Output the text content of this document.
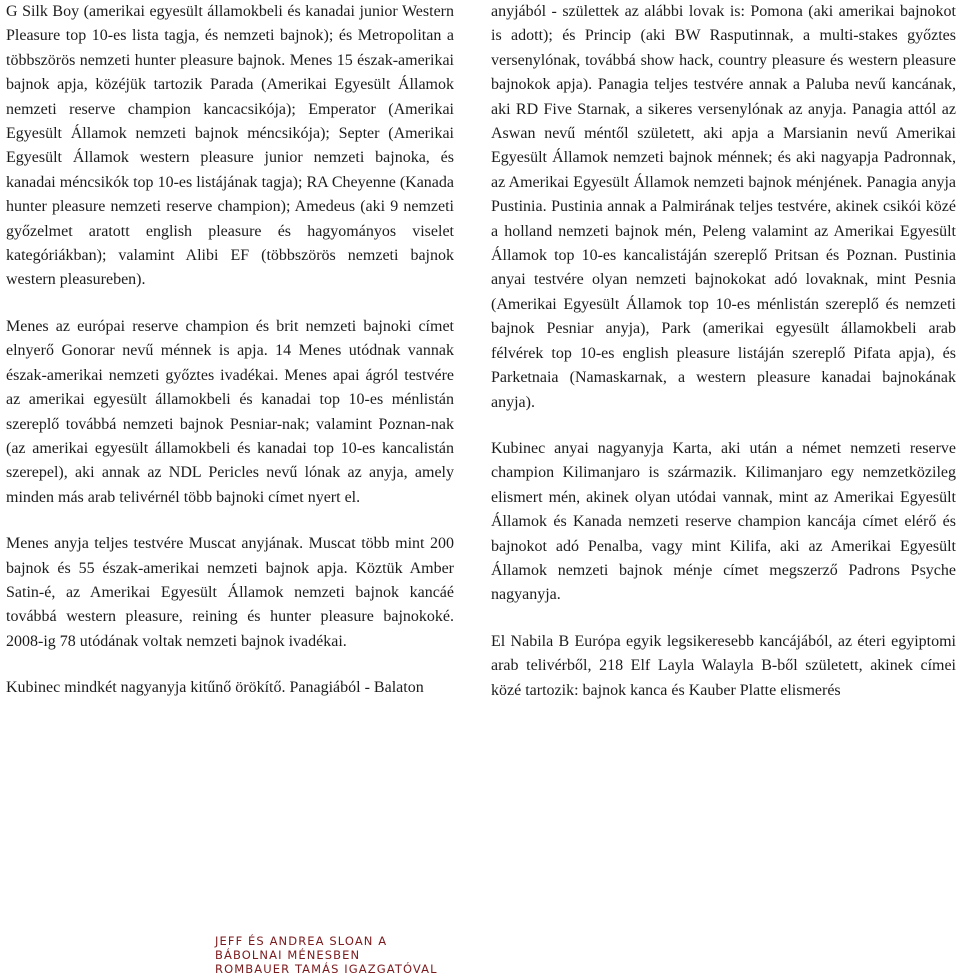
G Silk Boy (amerikai egyesült államokbeli és kanadai junior Western Pleasure top 10-es lista tagja, és nemzeti bajnok); és Metropolitan a többszörös nemzeti hunter pleasure bajnok. Menes 15 észak-amerikai bajnok apja, közéjük tartozik Parada (Amerikai Egyesült Államok nemzeti reserve champion kancacsikója); Emperator (Amerikai Egyesült Államok nemzeti bajnok méncsikója); Septer (Amerikai Egyesült Államok western pleasure junior nemzeti bajnoka, és kanadai méncsikók top 10-es listájának tagja); RA Cheyenne (Kanada hunter pleasure nemzeti reserve champion); Amedeus (aki 9 nemzeti győzelmet aratott english pleasure és hagyományos viselet kategóriákban); valamint Alibi EF (többszörös nemzeti bajnok western pleasureben).

Menes az európai reserve champion és brit nemzeti bajnoki címet elnyerő Gonorar nevű ménnek is apja. 14 Menes utódnak vannak észak-amerikai nemzeti győztes ivadékai. Menes apai ágról testvére az amerikai egyesült államokbeli és kanadai top 10-es ménlistán szereplő továbbá nemzeti bajnok Pesniar-nak; valamint Poznan-nak (az amerikai egyesült államokbeli és kanadai top 10-es kancalistán szerepel), aki annak az NDL Pericles nevű lónak az anyja, amely minden más arab telivérnél több bajnoki címet nyert el.

Menes anyja teljes testvére Muscat anyjának. Muscat több mint 200 bajnok és 55 észak-amerikai nemzeti bajnok apja. Köztük Amber Satin-é, az Amerikai Egyesült Államok nemzeti bajnok kancáé továbbá western pleasure, reining és hunter pleasure bajnokoké. 2008-ig 78 utódának voltak nemzeti bajnok ivadékai.

Kubinec mindkét nagyanyja kitűnő örökítő. Panagiából - Balaton

anyjából - születtek az alábbi lovak is: Pomona (aki amerikai bajnokot is adott); és Princip (aki BW Rasputinnak, a multi-stakes győztes versenylónak, továbbá show hack, country pleasure és western pleasure bajnokok apja). Panagia teljes testvére annak a Paluba nevű kancának, aki RD Five Starnak, a sikeres versenylónak az anyja. Panagia attól az Aswan nevű méntől született, aki apja a Marsianin nevű Amerikai Egyesült Államok nemzeti bajnok ménnek; és aki nagyapja Padronnak, az Amerikai Egyesült Államok nemzeti bajnok ménjének. Panagia anyja Pustinia. Pustinia annak a Palmirának teljes testvére, akinek csikói közé a holland nemzeti bajnok mén, Peleng valamint az Amerikai Egyesült Államok top 10-es kancalistáján szereplő Pritsan és Poznan. Pustinia anyai testvére olyan nemzeti bajnokokat adó lovaknak, mint Pesnia (Amerikai Egyesült Államok top 10-es ménlistán szereplő és nemzeti bajnok Pesniar anyja), Park (amerikai egyesült államokbeli arab félvérek top 10-es english pleasure listáján szereplő Pifata apja), és Parketnaia (Namaskarnak, a western pleasure kanadai bajnokának anyja).

Kubinec anyai nagyanyja Karta, aki után a német nemzeti reserve champion Kilimanjaro is származik. Kilimanjaro egy nemzetközileg elismert mén, akinek olyan utódai vannak, mint az Amerikai Egyesült Államok és Kanada nemzeti reserve champion kancája címet elérő és bajnokot adó Penalba, vagy mint Kilifa, aki az Amerikai Egyesült Államok nemzeti bajnok ménje címet megszerző Padrons Psyche nagyanyja.

El Nabila B Európa egyik legsikeresebb kancájából, az éteri egyiptomi arab telivérből, 218 Elf Layla Walayla B-ből született, akinek címei közé tartozik: bajnok kanca és Kauber Platte elismerés

JEFF ÉS ANDREA SLOAN A
BÁBOLNAI MÉNESBEN
ROMBAUER TAMÁS IGAZGATÓVAL
